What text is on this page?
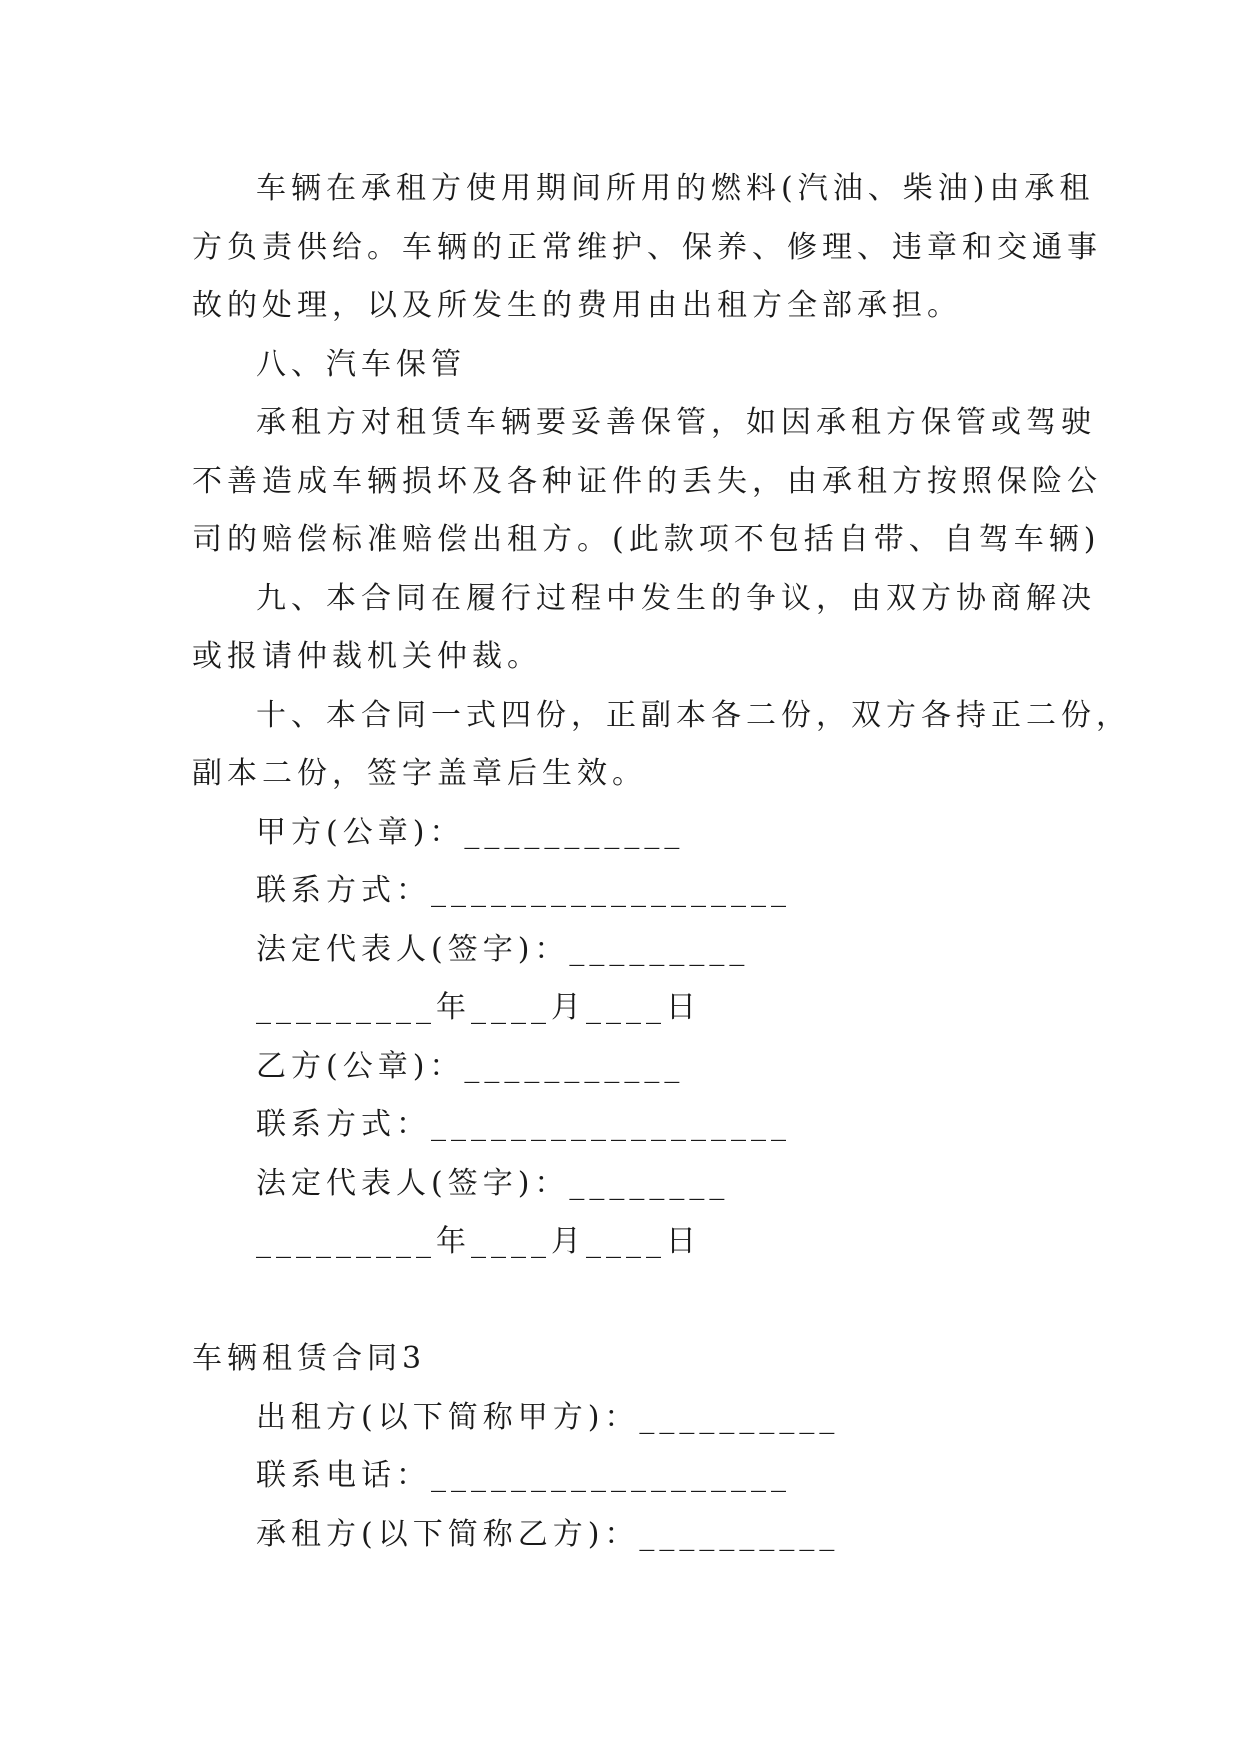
车辆在承租方使用期间所用的燃料(汽油、柴油)由承租
方负责供给。车辆的正常维护、保养、修理、违章和交通事
故的处理，以及所发生的费用由出租方全部承担。
八、汽车保管
承租方对租赁车辆要妥善保管，如因承租方保管或驾驶
不善造成车辆损坏及各种证件的丢失，由承租方按照保险公
司的赔偿标准赔偿出租方。(此款项不包括自带、自驾车辆)
九、本合同在履行过程中发生的争议，由双方协商解决
或报请仲裁机关仲裁。
十、本合同一式四份，正副本各二份，双方各持正二份，
副本二份，签字盖章后生效。
甲方(公章)：___________
联系方式：__________________
法定代表人(签字)：_________
_________年____月____日
乙方(公章)：___________
联系方式：__________________
法定代表人(签字)：________
_________年____月____日
车辆租赁合同3
出租方(以下简称甲方)：__________
联系电话：__________________
承租方(以下简称乙方)：__________
